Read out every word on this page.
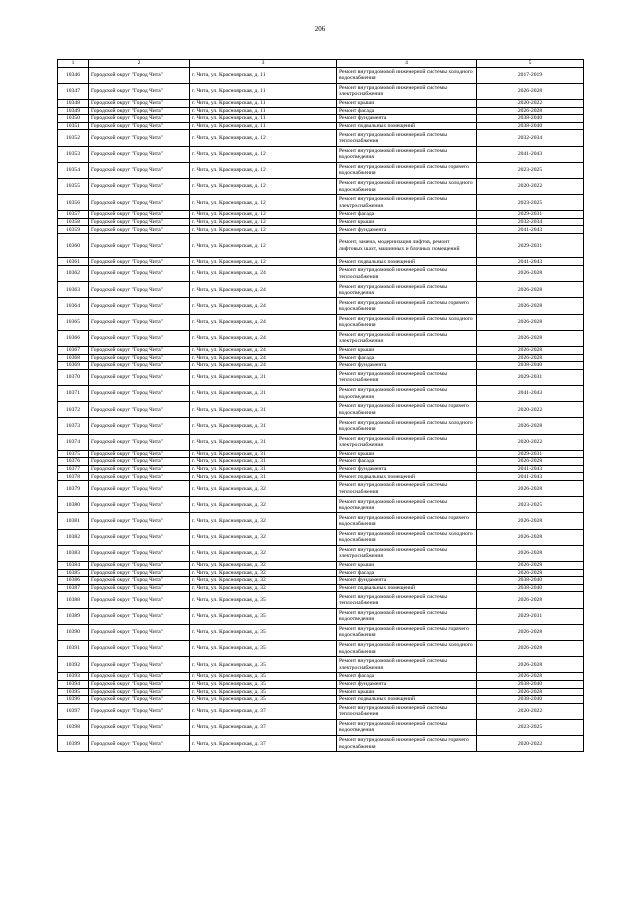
206
1	2	3	4	5
10346	Городской округ "Город Чита"	г. Чита, ул. Красноярская, д. 11	Ремонт внутридомовой инженерной системы холодного водоснабжения	2017-2019
10347	Городской округ "Город Чита"	г. Чита, ул. Красноярская, д. 11	Ремонт внутридомовой инженерной системы электроснабжения	2026-2028
10348	Городской округ "Город Чита"	г. Чита, ул. Красноярская, д. 11	Ремонт крыши	2020-2022
10349	Городской округ "Город Чита"	г. Чита, ул. Красноярская, д. 11	Ремонт фасада	2026-2028
10350	Городской округ "Город Чита"	г. Чита, ул. Красноярская, д. 11	Ремонт фундамента	2038-2040
10351	Городской округ "Город Чита"	г. Чита, ул. Красноярская, д. 11	Ремонт подвальных помещений	2038-2040
10352	Городской округ "Город Чита"	г. Чита, ул. Красноярская, д. 12	Ремонт внутридомовой инженерной системы теплоснабжения	2032-2034
10353	Городской округ "Город Чита"	г. Чита, ул. Красноярская, д. 12	Ремонт внутридомовой инженерной системы водоотведения	2041-2043
10354	Городской округ "Город Чита"	г. Чита, ул. Красноярская, д. 12	Ремонт внутридомовой инженерной системы горячего водоснабжения	2023-2025
10355	Городской округ "Город Чита"	г. Чита, ул. Красноярская, д. 12	Ремонт внутридомовой инженерной системы холодного водоснабжения	2020-2022
10356	Городской округ "Город Чита"	г. Чита, ул. Красноярская, д. 12	Ремонт внутридомовой инженерной системы электроснабжения	2023-2025
10357	Городской округ "Город Чита"	г. Чита, ул. Красноярская, д. 12	Ремонт фасада	2029-2031
10358	Городской округ "Город Чита"	г. Чита, ул. Красноярская, д. 12	Ремонт крыши	2032-2034
10359	Городской округ "Город Чита"	г. Чита, ул. Красноярская, д. 12	Ремонт фундамента	2041-2043
10360	Городской округ "Город Чита"	г. Чита, ул. Красноярская, д. 12	Ремонт, замена, модернизация лифтов, ремонт лифтовых шахт, машинных и блочных помещений	2029-2031
10361	Городской округ "Город Чита"	г. Чита, ул. Красноярская, д. 12	Ремонт подвальных помещений	2041-2043
10362	Городской округ "Город Чита"	г. Чита, ул. Красноярская, д. 24	Ремонт внутридомовой инженерной системы теплоснабжения	2026-2028
10363	Городской округ "Город Чита"	г. Чита, ул. Красноярская, д. 24	Ремонт внутридомовой инженерной системы водоотведения	2026-2028
10364	Городской округ "Город Чита"	г. Чита, ул. Красноярская, д. 24	Ремонт внутридомовой инженерной системы горячего водоснабжения	2026-2028
10365	Городской округ "Город Чита"	г. Чита, ул. Красноярская, д. 24	Ремонт внутридомовой инженерной системы холодного водоснабжения	2026-2028
10366	Городской округ "Город Чита"	г. Чита, ул. Красноярская, д. 24	Ремонт внутридомовой инженерной системы электроснабжения	2026-2028
10367	Городской округ "Город Чита"	г. Чита, ул. Красноярская, д. 24	Ремонт крыши	2026-2028
10368	Городской округ "Город Чита"	г. Чита, ул. Красноярская, д. 24	Ремонт фасада	2026-2028
10369	Городской округ "Город Чита"	г. Чита, ул. Красноярская, д. 24	Ремонт фундамента	2038-2040
10370	Городской округ "Город Чита"	г. Чита, ул. Красноярская, д. 31	Ремонт внутридомовой инженерной системы теплоснабжения	2029-2031
10371	Городской округ "Город Чита"	г. Чита, ул. Красноярская, д. 31	Ремонт внутридомовой инженерной системы водоотведения	2041-2043
10372	Городской округ "Город Чита"	г. Чита, ул. Красноярская, д. 31	Ремонт внутридомовой инженерной системы горячего водоснабжения	2020-2022
10373	Городской округ "Город Чита"	г. Чита, ул. Красноярская, д. 31	Ремонт внутридомовой инженерной системы холодного водоснабжения	2026-2028
10374	Городской округ "Город Чита"	г. Чита, ул. Красноярская, д. 31	Ремонт внутридомовой инженерной системы электроснабжения	2020-2022
10375	Городской округ "Город Чита"	г. Чита, ул. Красноярская, д. 31	Ремонт крыши	2029-2031
10376	Городской округ "Город Чита"	г. Чита, ул. Красноярская, д. 31	Ремонт фасада	2026-2028
10377	Городской округ "Город Чита"	г. Чита, ул. Красноярская, д. 31	Ремонт фундамента	2041-2043
10378	Городской округ "Город Чита"	г. Чита, ул. Красноярская, д. 31	Ремонт подвальных помещений	2041-2043
10379	Городской округ "Город Чита"	г. Чита, ул. Красноярская, д. 32	Ремонт внутридомовой инженерной системы теплоснабжения	2026-2028
10380	Городской округ "Город Чита"	г. Чита, ул. Красноярская, д. 32	Ремонт внутридомовой инженерной системы водоотведения	2023-2025
10381	Городской округ "Город Чита"	г. Чита, ул. Красноярская, д. 32	Ремонт внутридомовой инженерной системы горячего водоснабжения	2026-2028
10382	Городской округ "Город Чита"	г. Чита, ул. Красноярская, д. 32	Ремонт внутридомовой инженерной системы холодного водоснабжения	2026-2028
10383	Городской округ "Город Чита"	г. Чита, ул. Красноярская, д. 32	Ремонт внутридомовой инженерной системы электроснабжения	2026-2028
10384	Городской округ "Город Чита"	г. Чита, ул. Красноярская, д. 32	Ремонт крыши	2026-2028
10385	Городской округ "Город Чита"	г. Чита, ул. Красноярская, д. 32	Ремонт фасада	2026-2028
10386	Городской округ "Город Чита"	г. Чита, ул. Красноярская, д. 32	Ремонт фундамента	2038-2040
10387	Городской округ "Город Чита"	г. Чита, ул. Красноярская, д. 32	Ремонт подвальных помещений	2038-2040
10388	Городской округ "Город Чита"	г. Чита, ул. Красноярская, д. 35	Ремонт внутридомовой инженерной системы теплоснабжения	2026-2028
10389	Городской округ "Город Чита"	г. Чита, ул. Красноярская, д. 35	Ремонт внутридомовой инженерной системы водоотведения	2029-2031
10390	Городской округ "Город Чита"	г. Чита, ул. Красноярская, д. 35	Ремонт внутридомовой инженерной системы горячего водоснабжения	2026-2028
10391	Городской округ "Город Чита"	г. Чита, ул. Красноярская, д. 35	Ремонт внутридомовой инженерной системы холодного водоснабжения	2026-2028
10392	Городской округ "Город Чита"	г. Чита, ул. Красноярская, д. 35	Ремонт внутридомовой инженерной системы электроснабжения	2026-2028
10393	Городской округ "Город Чита"	г. Чита, ул. Красноярская, д. 35	Ремонт фасада	2026-2028
10394	Городской округ "Город Чита"	г. Чита, ул. Красноярская, д. 35	Ремонт фундамента	2038-2040
10395	Городской округ "Город Чита"	г. Чита, ул. Красноярская, д. 35	Ремонт крыши	2026-2028
10396	Городской округ "Город Чита"	г. Чита, ул. Красноярская, д. 35	Ремонт подвальных помещений	2038-2040
10397	Городской округ "Город Чита"	г. Чита, ул. Красноярская, д. 37	Ремонт внутридомовой инженерной системы теплоснабжения	2020-2022
10398	Городской округ "Город Чита"	г. Чита, ул. Красноярская, д. 37	Ремонт внутридомовой инженерной системы водоотведения	2023-2025
10399	Городской округ "Город Чита"	г. Чита, ул. Красноярская, д. 37	Ремонт внутридомовой инженерной системы горячего водоснабжения	2020-2022
